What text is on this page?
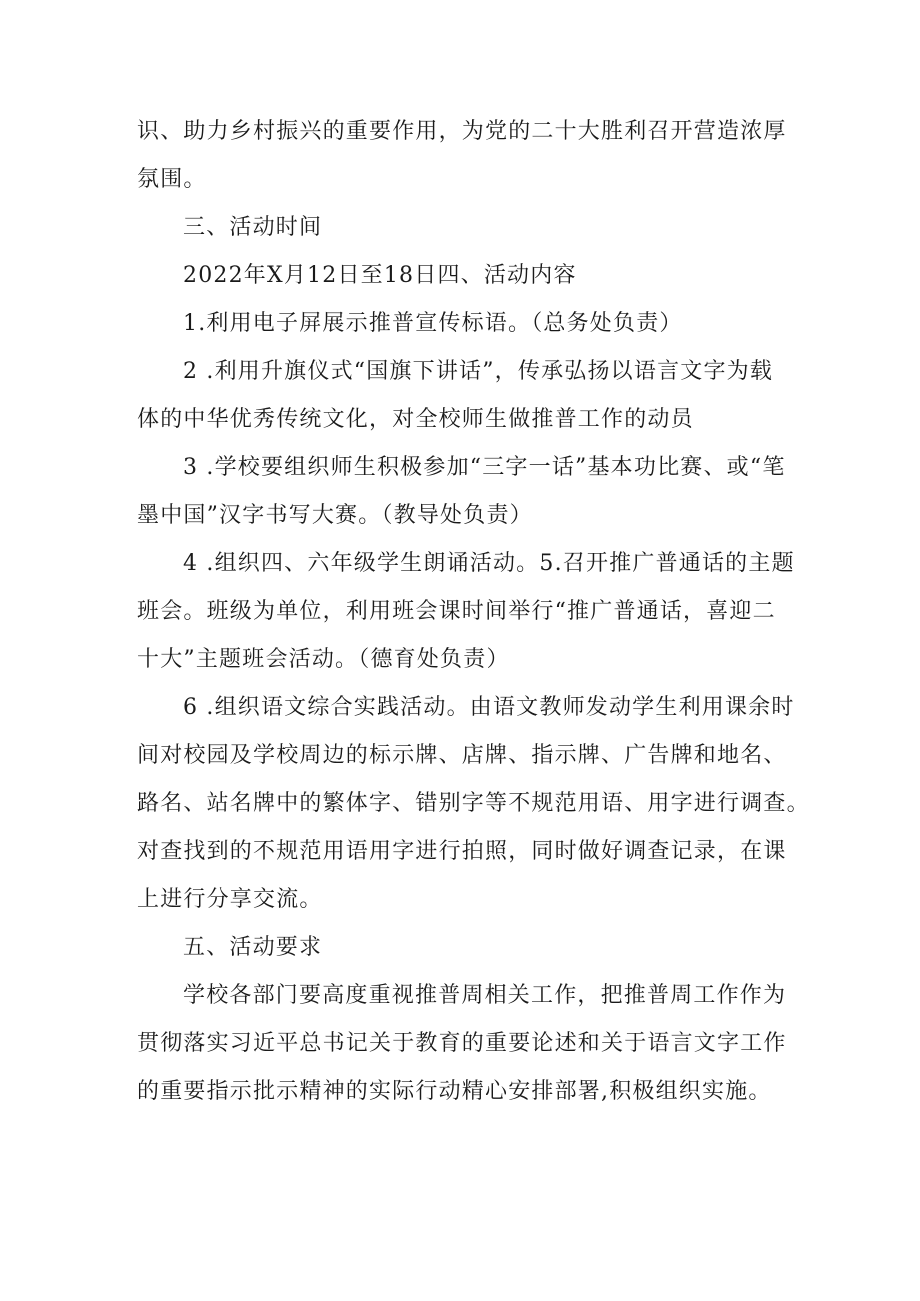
识、助力乡村振兴的重要作用，为党的二十大胜利召开营造浓厚
氛围。

三、活动时间

2022年X月12日至18日四、活动内容

1.利用电子屏展示推普宣传标语。（总务处负责）

2 .利用升旗仪式“国旗下讲话”，传承弘扬以语言文字为载
体的中华优秀传统文化，对全校师生做推普工作的动员

3 .学校要组织师生积极参加“三字一话”基本功比赛、或“笔
墨中国”汉字书写大赛。（教导处负责）

4 .组织四、六年级学生朗诵活动。5.召开推广普通话的主题
班会。班级为单位，利用班会课时间举行“推广普通话，喜迎二
十大”主题班会活动。（德育处负责）

6 .组织语文综合实践活动。由语文教师发动学生利用课余时
间对校园及学校周边的标示牌、店牌、指示牌、广告牌和地名、
路名、站名牌中的繁体字、错别字等不规范用语、用字进行调查。
对查找到的不规范用语用字进行拍照，同时做好调查记录，在课
上进行分享交流。

五、活动要求

学校各部门要高度重视推普周相关工作，把推普周工作作为
贯彻落实习近平总书记关于教育的重要论述和关于语言文字工作
的重要指示批示精神的实际行动精心安排部署,积极组织实施。
